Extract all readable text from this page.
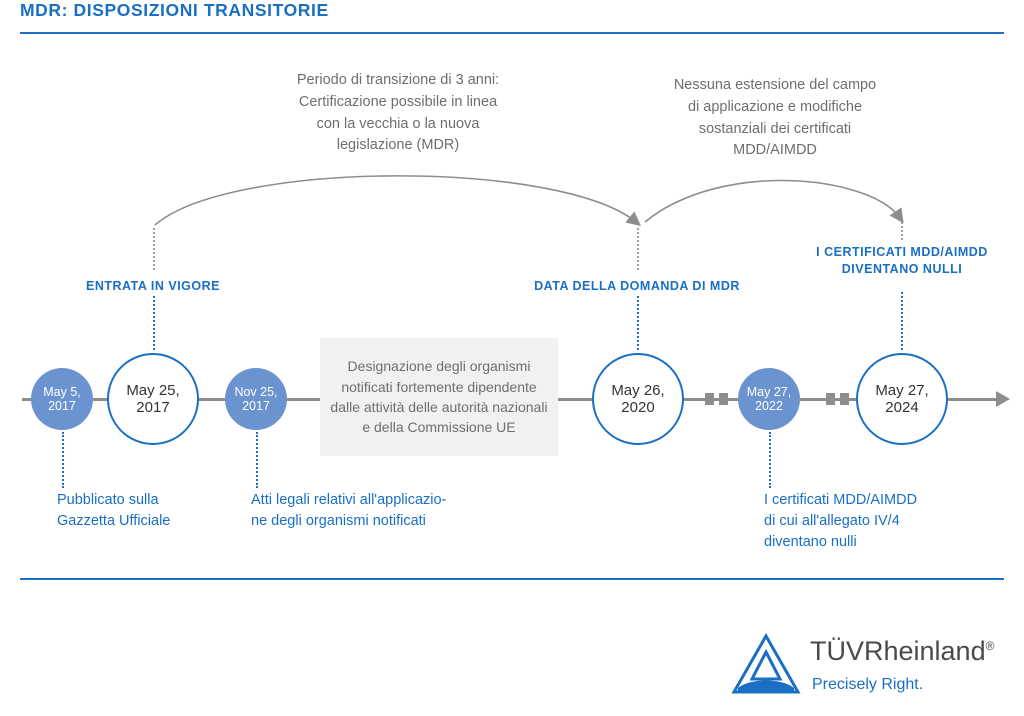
MDR: DISPOSIZIONI TRANSITORIE
Periodo di transizione di 3 anni:
Certificazione possibile in linea
con la vecchia o la nuova
legislazione (MDR)
Nessuna estensione del campo
di applicazione e modifiche
sostanziali dei certificati
MDD/AIMDD
ENTRATA IN VIGORE	DATA DELLA DOMANDA DI MDR
I CERTIFICATI MDD/AIMDD
DIVENTANO NULLI
Designazione degli organismi notificati fortemente dipendente dalle attività delle autorità nazionali e della Commissione UE
May 5,
2017
May 25,
2017
Nov 25,
2017
May 26,
2020
May 27,
2022
May 27,
2024
Pubblicato sulla
Gazzetta Ufficiale
Atti legali relativi all'applicazio-
ne degli organismi notificati
I certificati MDD/AIMDD
di cui all'allegato IV/4
diventano nulli
TÜVRheinland®
Precisely Right.
